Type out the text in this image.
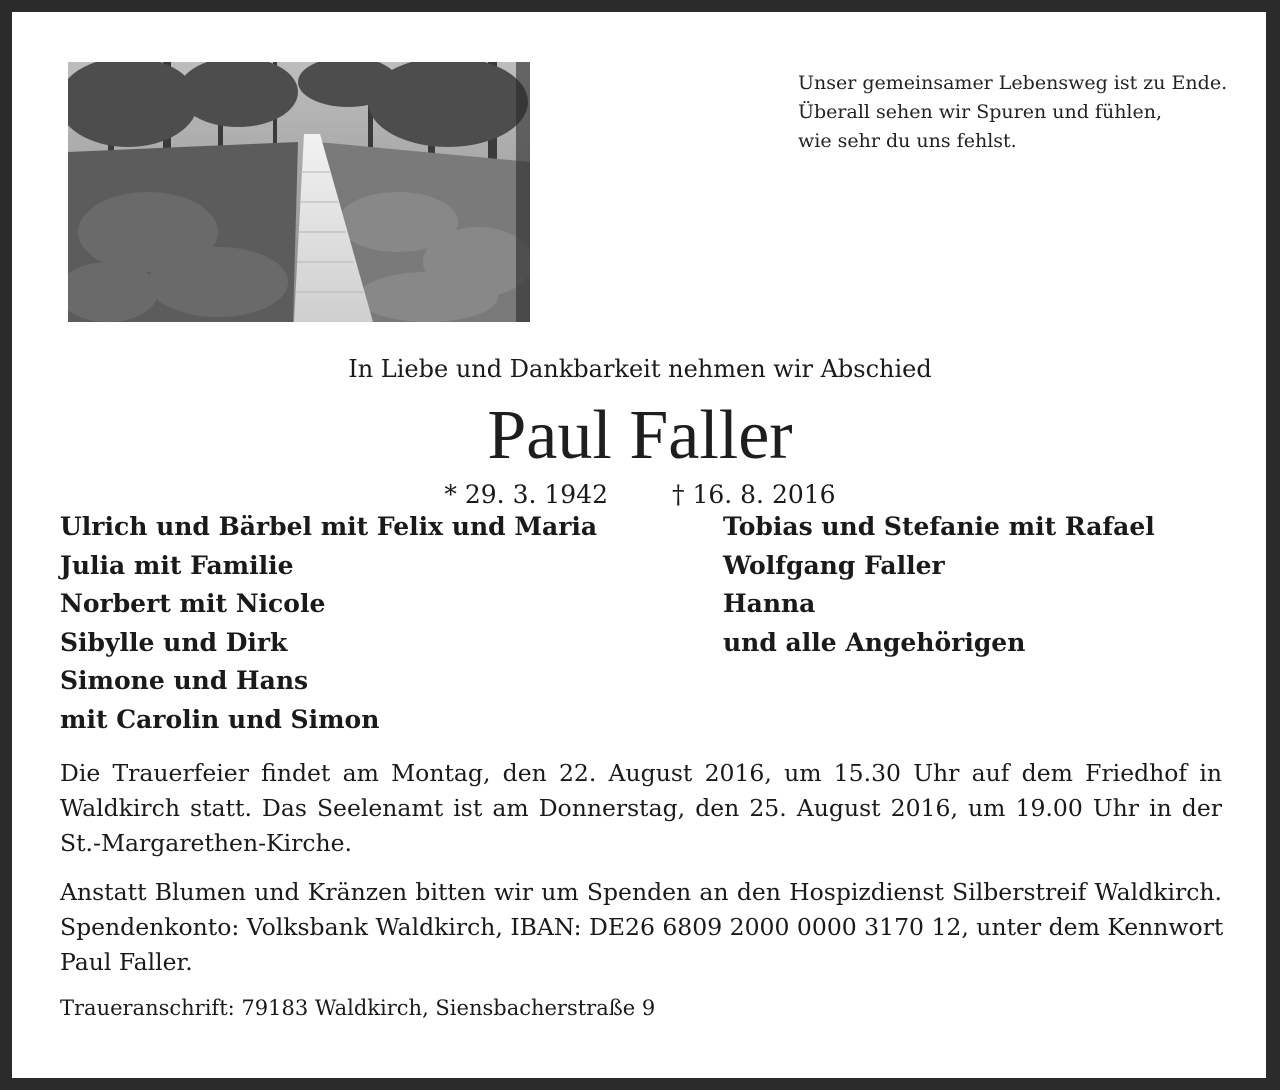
Unser gemeinsamer Lebensweg ist zu Ende.
Überall sehen wir Spuren und fühlen,
wie sehr du uns fehlst.
In Liebe und Dankbarkeit nehmen wir Abschied
Paul Faller
* 29. 3. 1942	† 16. 8. 2016
Ulrich und Bärbel mit Felix und Maria
Julia mit Familie
Norbert mit Nicole
Sibylle und Dirk
Simone und Hans
mit Carolin und Simon
Tobias und Stefanie mit Rafael
Wolfgang Faller
Hanna
und alle Angehörigen
Die Trauerfeier findet am Montag, den 22. August 2016, um 15.30 Uhr auf dem Friedhof in
Waldkirch statt. Das Seelenamt ist am Donnerstag, den 25. August 2016, um 19.00 Uhr in der
St.-Margarethen-Kirche.
Anstatt Blumen und Kränzen bitten wir um Spenden an den Hospizdienst Silberstreif Waldkirch.
Spendenkonto: Volksbank Waldkirch, IBAN: DE26 6809 2000 0000 3170 12, unter dem Kennwort
Paul Faller.
Traueranschrift: 79183 Waldkirch, Siensbacherstraße 9
